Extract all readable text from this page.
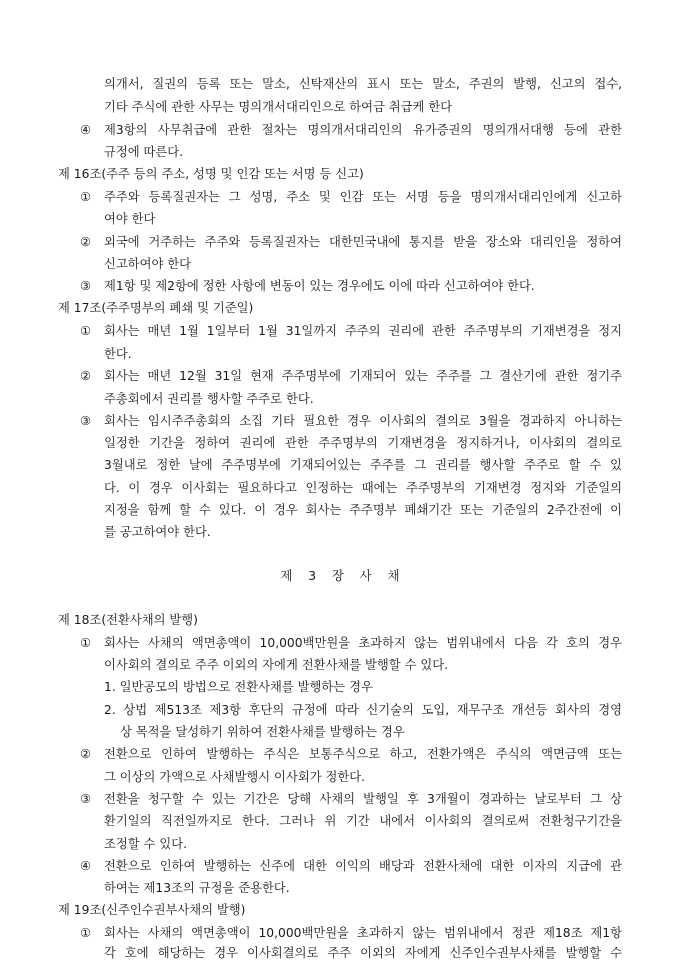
의개서, 질권의 등록 또는 말소, 신탁재산의 표시 또는 말소, 주권의 발행, 신고의 접수,
기타 주식에 관한 사무는 명의개서대리인으로 하여금 취급케 한다
④ 제3항의 사무취급에 관한 절차는 명의개서대리인의 유가증권의 명의개서대행 등에 관한
규정에 따른다.
제 16조(주주 등의 주소, 성명 및 인감 또는 서명 등 신고)
① 주주와 등록질권자는 그 성명, 주소 및 인감 또는 서명 등을 명의개서대리인에게 신고하
여야 한다
② 외국에 거주하는 주주와 등록질권자는 대한민국내에 통지를 받을 장소와 대리인을 정하여
신고하여야 한다
③ 제1항 및 제2항에 정한 사항에 변동이 있는 경우에도 이에 따라 신고하여야 한다.
제 17조(주주명부의 폐쇄 및 기준일)
① 회사는 매년 1월 1일부터 1월 31일까지 주주의 권리에 관한 주주명부의 기재변경을 정지
한다.
② 회사는 매년 12월 31일 현재 주주명부에 기재되어 있는 주주를 그 결산기에 관한 정기주
주총회에서 권리를 행사할 주주로 한다.
③ 회사는 임시주주총회의 소집 기타 필요한 경우 이사회의 결의로 3월을 경과하지 아니하는
일정한 기간을 정하여 권리에 관한 주주명부의 기재변경을 정지하거나, 이사회의 결의로
3월내로 정한 날에 주주명부에 기재되어있는 주주를 그 권리를 행사할 주주로 할 수 있
다. 이 경우 이사회는 필요하다고 인정하는 때에는 주주명부의 기재변경 정지와 기준일의
지정을 함께 할 수 있다. 이 경우 회사는 주주명부 폐쇄기간 또는 기준일의 2주간전에 이
를 공고하여야 한다.
제 3 장 사 채
제 18조(전환사채의 발행)
① 회사는 사채의 액면총액이 10,000백만원을 초과하지 않는 범위내에서 다음 각 호의 경우
이사회의 결의로 주주 이외의 자에게 전환사채를 발행할 수 있다.
1. 일반공모의 방법으로 전환사채를 발행하는 경우
2. 상법 제513조 제3항 후단의 규정에 따라 신기술의 도입, 재무구조 개선등 회사의 경영
상 목적을 달성하기 위하여 전환사채를 발행하는 경우
② 전환으로 인하여 발행하는 주식은 보통주식으로 하고, 전환가액은 주식의 액면금액 또는
그 이상의 가액으로 사채발행시 이사회가 정한다.
③ 전환을 청구할 수 있는 기간은 당해 사채의 발행일 후 3개월이 경과하는 날로부터 그 상
환기일의 직전일까지로 한다. 그러나 위 기간 내에서 이사회의 결의로써 전환청구기간을
조정할 수 있다.
④ 전환으로 인하여 발행하는 신주에 대한 이익의 배당과 전환사채에 대한 이자의 지급에 관
하여는 제13조의 규정을 준용한다.
제 19조(신주인수권부사채의 발행)
① 회사는 사채의 액면총액이 10,000백만원을 초과하지 않는 범위내에서 정관 제18조 제1항
각 호에 해당하는 경우 이사회결의로 주주 이외의 자에게 신주인수권부사채를 발행할 수
